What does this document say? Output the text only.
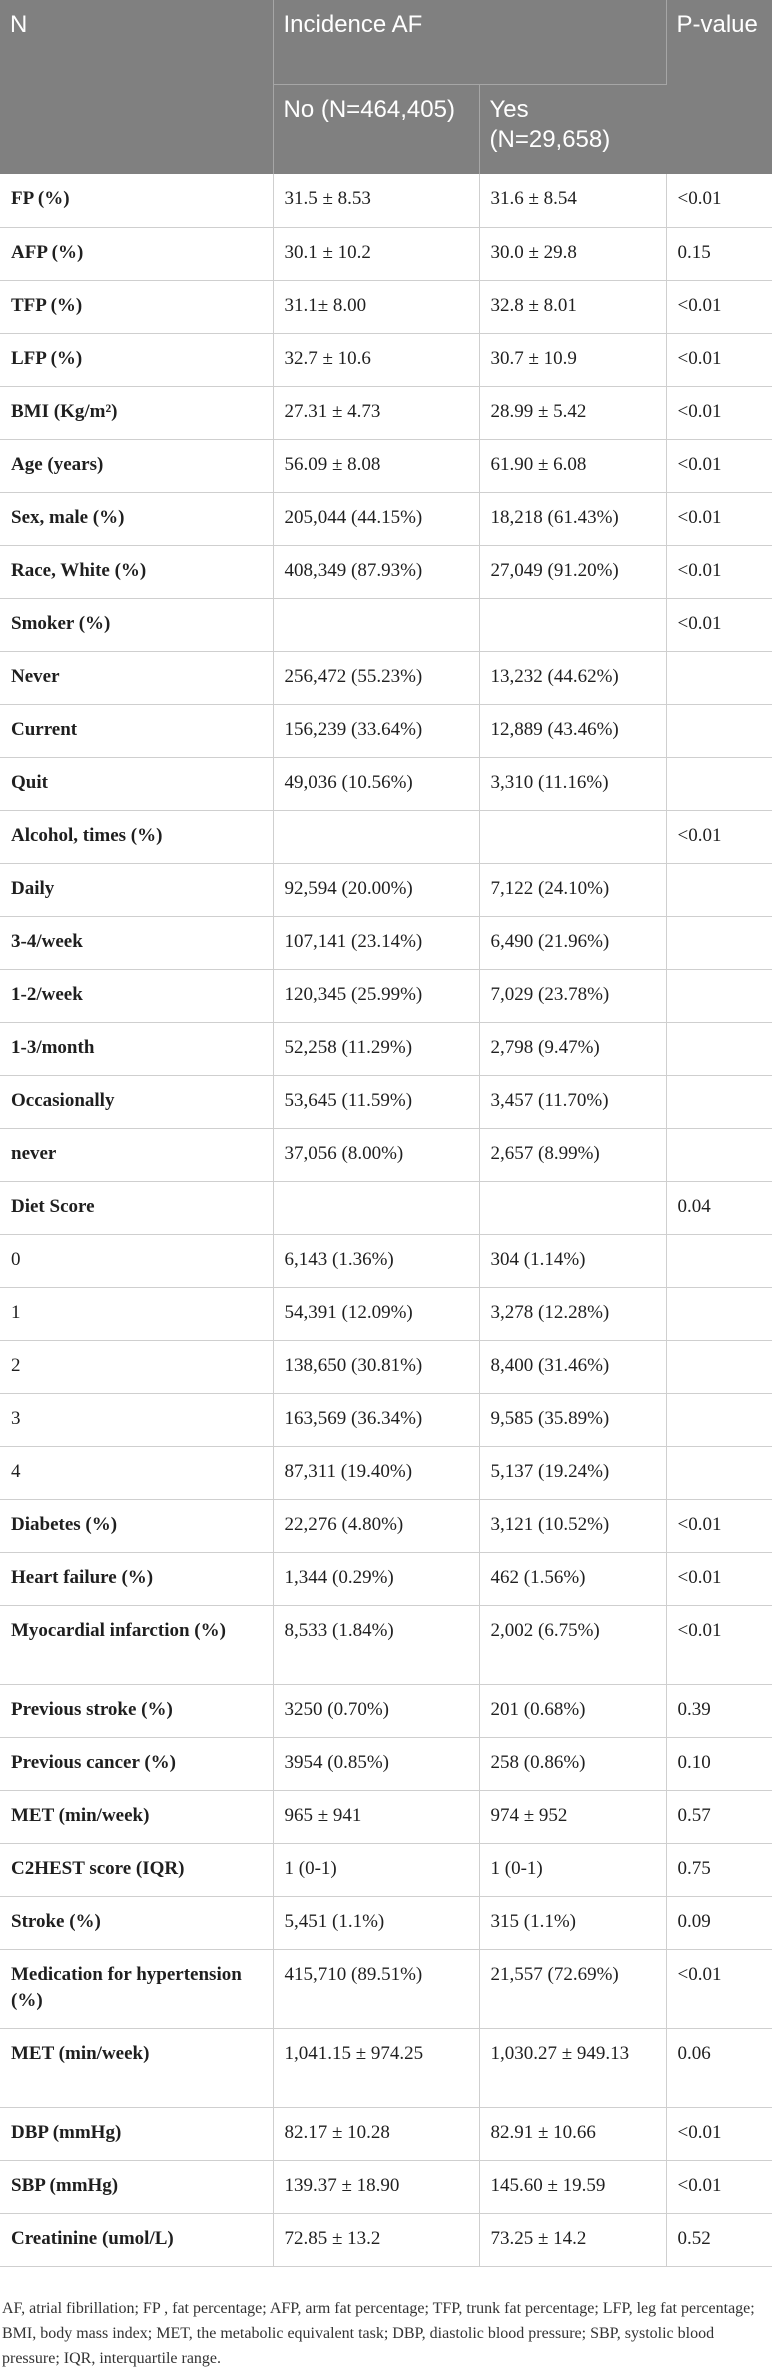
N	Incidence AF		P-value
	No (N=464,405)	Yes (N=29,658)	
FP (%)	31.5 ± 8.53	31.6 ± 8.54	<0.01
AFP (%)	30.1 ± 10.2	30.0 ± 29.8	0.15
TFP (%)	31.1± 8.00	32.8 ± 8.01	<0.01
LFP (%)	32.7 ± 10.6	30.7 ± 10.9	<0.01
BMI (Kg/m²)	27.31 ± 4.73	28.99 ± 5.42	<0.01
Age (years)	56.09 ± 8.08	61.90 ± 6.08	<0.01
Sex, male (%)	205,044 (44.15%)	18,218 (61.43%)	<0.01
Race, White (%)	408,349 (87.93%)	27,049 (91.20%)	<0.01
Smoker (%)			<0.01
Never	256,472 (55.23%)	13,232 (44.62%)	
Current	156,239 (33.64%)	12,889 (43.46%)	
Quit	49,036 (10.56%)	3,310 (11.16%)	
Alcohol, times (%)			<0.01
Daily	92,594 (20.00%)	7,122 (24.10%)	
3-4/week	107,141 (23.14%)	6,490 (21.96%)	
1-2/week	120,345 (25.99%)	7,029 (23.78%)	
1-3/month	52,258 (11.29%)	2,798 (9.47%)	
Occasionally	53,645 (11.59%)	3,457 (11.70%)	
never	37,056 (8.00%)	2,657 (8.99%)	
Diet Score			0.04
0	6,143 (1.36%)	304 (1.14%)	
1	54,391 (12.09%)	3,278 (12.28%)	
2	138,650 (30.81%)	8,400 (31.46%)	
3	163,569 (36.34%)	9,585 (35.89%)	
4	87,311 (19.40%)	5,137 (19.24%)	
Diabetes (%)	22,276 (4.80%)	3,121 (10.52%)	<0.01
Heart failure (%)	1,344 (0.29%)	462 (1.56%)	<0.01
Myocardial infarction (%)	8,533 (1.84%)	2,002 (6.75%)	<0.01
Previous stroke (%)	3250 (0.70%)	201 (0.68%)	0.39
Previous cancer (%)	3954 (0.85%)	258 (0.86%)	0.10
MET (min/week)	965 ± 941	974 ± 952	0.57
C2HEST score (IQR)	1 (0-1)	1 (0-1)	0.75
Stroke (%)	5,451 (1.1%)	315 (1.1%)	0.09
Medication for hypertension (%)	415,710 (89.51%)	21,557 (72.69%)	<0.01
MET (min/week)	1,041.15 ± 974.25	1,030.27 ± 949.13	0.06
DBP (mmHg)	82.17 ± 10.28	82.91 ± 10.66	<0.01
SBP (mmHg)	139.37 ± 18.90	145.60 ± 19.59	<0.01
Creatinine (umol/L)	72.85 ± 13.2	73.25 ± 14.2	0.52
AF, atrial fibrillation; FP , fat percentage; AFP, arm fat percentage; TFP, trunk fat percentage; LFP, leg fat percentage; BMI, body mass index; MET, the metabolic equivalent task; DBP, diastolic blood pressure; SBP, systolic blood pressure; IQR, interquartile range.
